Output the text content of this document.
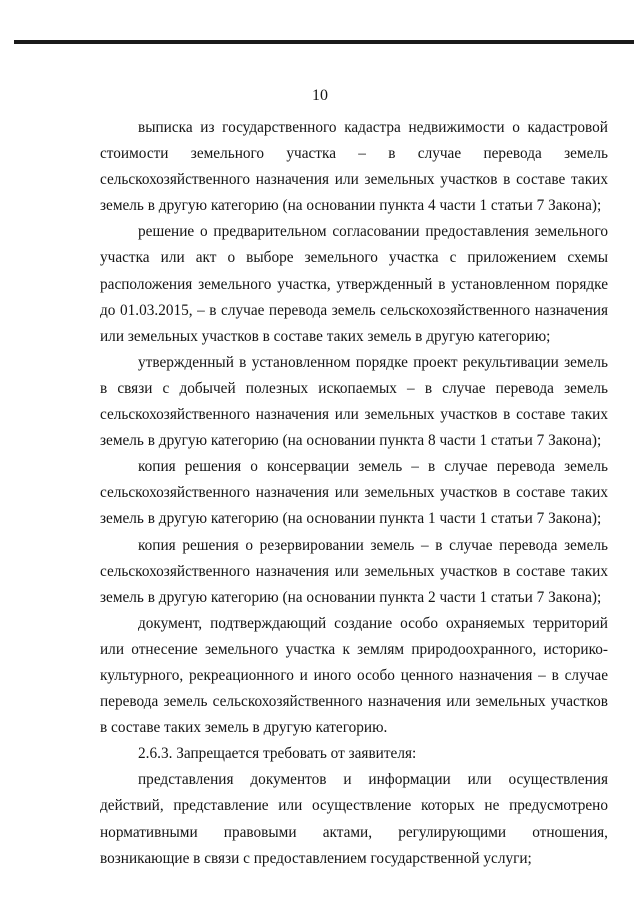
10

выписка из государственного кадастра недвижимости о кадастровой стоимости земельного участка – в случае перевода земель сельскохозяйственного назначения или земельных участков в составе таких земель в другую категорию (на основании пункта 4 части 1 статьи 7 Закона);

решение о предварительном согласовании предоставления земельного участка или акт о выборе земельного участка с приложением схемы расположения земельного участка, утвержденный в установленном порядке до 01.03.2015, – в случае перевода земель сельскохозяйственного назначения или земельных участков в составе таких земель в другую категорию;

утвержденный в установленном порядке проект рекультивации земель в связи с добычей полезных ископаемых – в случае перевода земель сельскохозяйственного назначения или земельных участков в составе таких земель в другую категорию (на основании пункта 8 части 1 статьи 7 Закона);

копия решения о консервации земель – в случае перевода земель сельскохозяйственного назначения или земельных участков в составе таких земель в другую категорию (на основании пункта 1 части 1 статьи 7 Закона);

копия решения о резервировании земель – в случае перевода земель сельскохозяйственного назначения или земельных участков в составе таких земель в другую категорию (на основании пункта 2 части 1 статьи 7 Закона);

документ, подтверждающий создание особо охраняемых территорий или отнесение земельного участка к землям природоохранного, историко-культурного, рекреационного и иного особо ценного назначения – в случае перевода земель сельскохозяйственного назначения или земельных участков в составе таких земель в другую категорию.

2.6.3. Запрещается требовать от заявителя:

представления документов и информации или осуществления действий, представление или осуществление которых не предусмотрено нормативными правовыми актами, регулирующими отношения, возникающие в связи с предоставлением государственной услуги;
